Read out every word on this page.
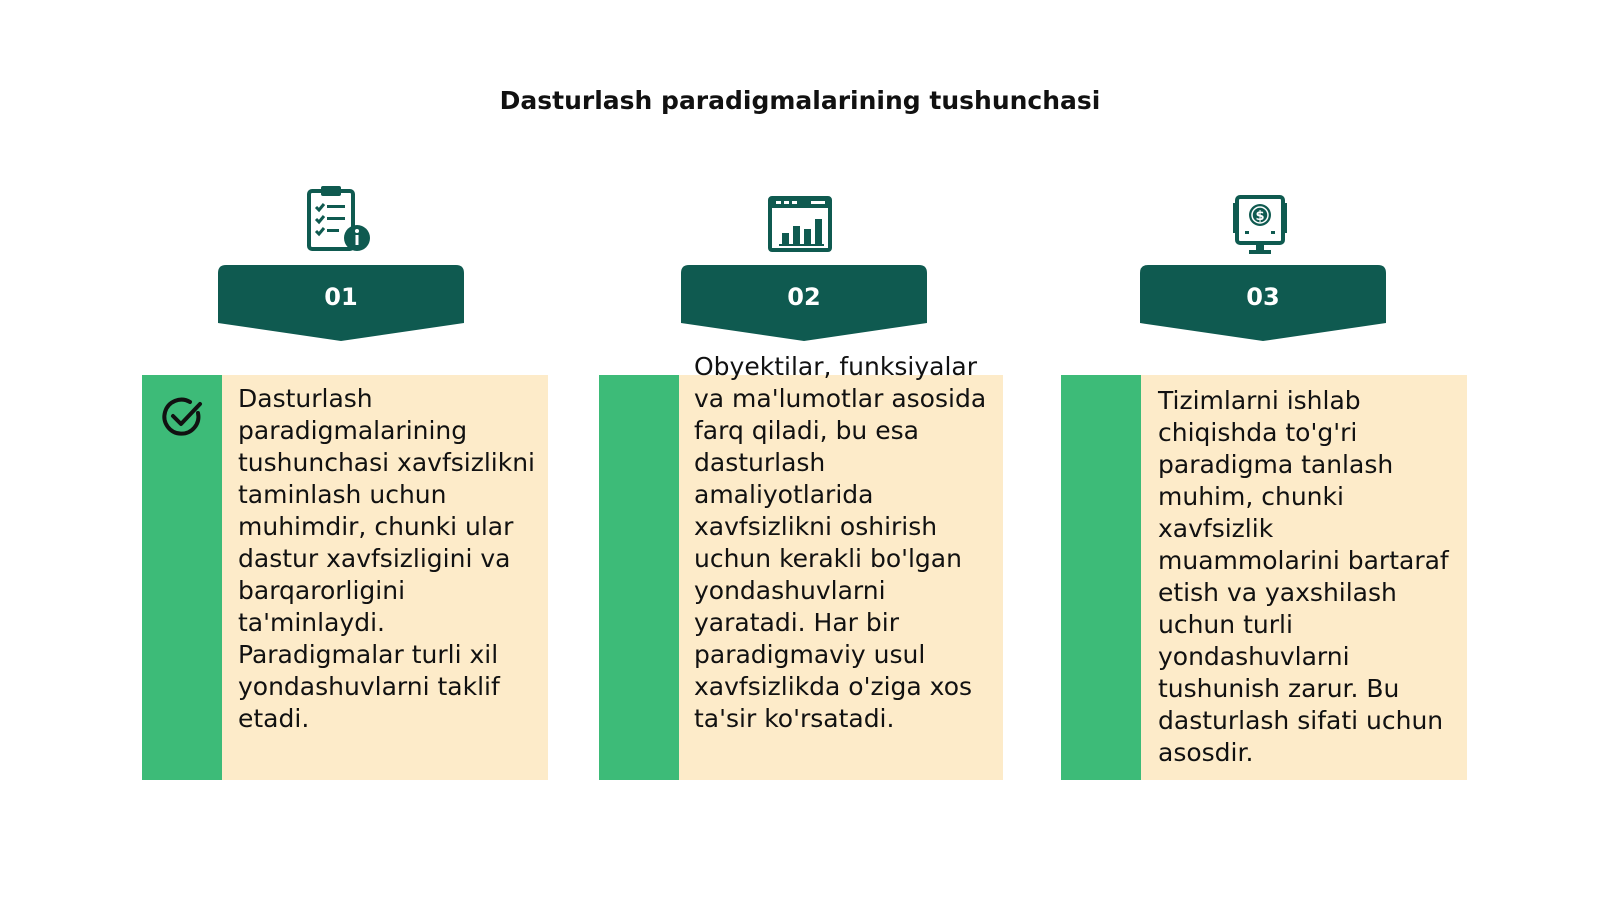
Dasturlash paradigmalarining tushunchasi
01
Dasturlash paradigmalarining tushunchasi xavfsizlikni taminlash uchun muhimdir, chunki ular dastur xavfsizligini va barqarorligini ta'minlaydi. Paradigmalar turli xil yondashuvlarni taklif etadi.
02
Obyektilar, funksiyalar va ma'lumotlar asosida farq qiladi, bu esa dasturlash amaliyotlarida xavfsizlikni oshirish uchun kerakli bo'lgan yondashuvlarni yaratadi. Har bir paradigmaviy usul xavfsizlikda o'ziga xos ta'sir ko'rsatadi.
$
03
Tizimlarni ishlab chiqishda to'g'ri paradigma tanlash muhim, chunki xavfsizlik muammolarini bartaraf etish va yaxshilash uchun turli yondashuvlarni tushunish zarur. Bu dasturlash sifati uchun asosdir.
